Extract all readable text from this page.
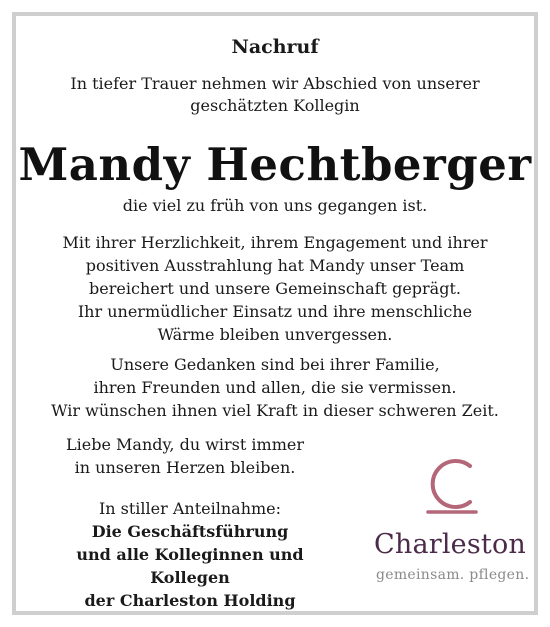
Nachruf
In tiefer Trauer nehmen wir Abschied von unserer
geschätzten Kollegin
Mandy Hechtberger
die viel zu früh von uns gegangen ist.
Mit ihrer Herzlichkeit, ihrem Engagement und ihrer
positiven Ausstrahlung hat Mandy unser Team
bereichert und unsere Gemeinschaft geprägt.
Ihr unermüdlicher Einsatz und ihre menschliche
Wärme bleiben unvergessen.
Unsere Gedanken sind bei ihrer Familie,
ihren Freunden und allen, die sie vermissen.
Wir wünschen ihnen viel Kraft in dieser schweren Zeit.
Liebe Mandy, du wirst immer
in unseren Herzen bleiben.
In stiller Anteilnahme:
Die Geschäftsführung
und alle Kolleginnen und Kollegen
der Charleston Holding
Charleston
gemeinsam. pflegen.
